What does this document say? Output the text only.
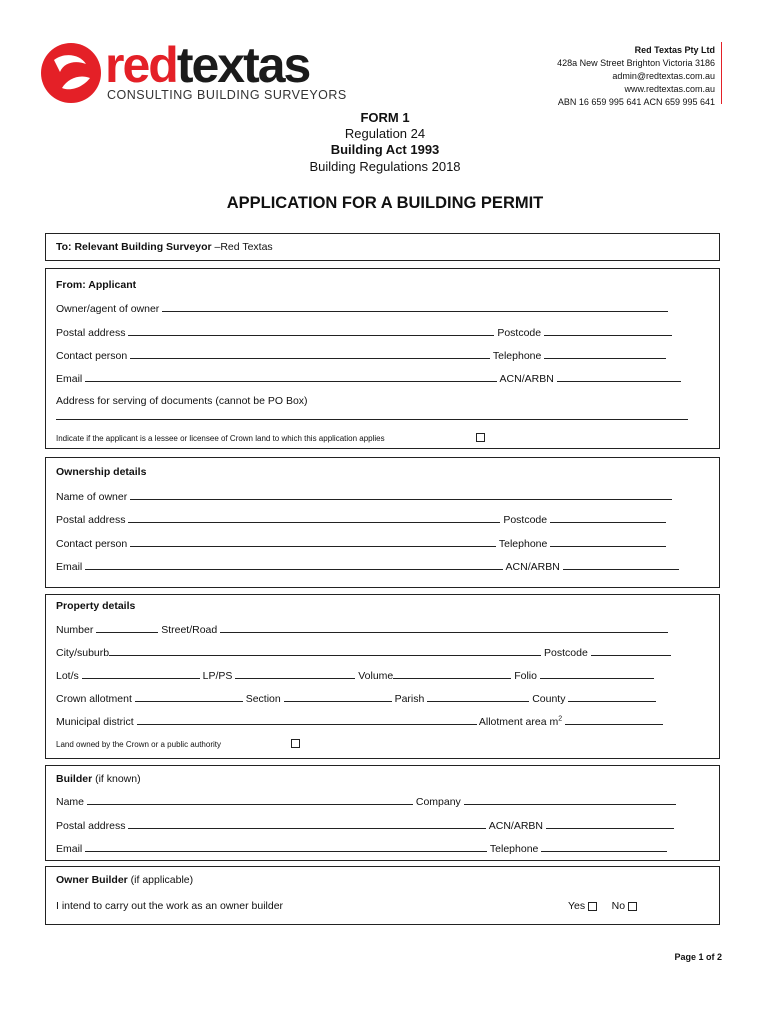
redtextas
CONSULTING BUILDING SURVEYORS
Red Textas Pty Ltd
428a New Street Brighton Victoria 3186
admin@redtextas.com.au
www.redtextas.com.au
ABN 16 659 995 641 ACN 659 995 641
FORM 1
Regulation 24
Building Act 1993
Building Regulations 2018
APPLICATION FOR A BUILDING PERMIT
To: Relevant Building Surveyor –Red Textas
From: Applicant
Owner/agent of owner
Postal address	Postcode
Contact person	Telephone
Email	ACN/ARBN
Address for serving of documents (cannot be PO Box)
Indicate if the applicant is a lessee or licensee of Crown land to which this application applies
Ownership details
Name of owner
Postal address	Postcode
Contact person	Telephone
Email	ACN/ARBN
Property details
Number	Street/Road
City/suburb	Postcode
Lot/s	LP/PS	Volume	Folio
Crown allotment	Section	Parish	County
Municipal district	Allotment area $m^2$
Land owned by the Crown or a public authority
Builder (if known)
Name	Company
Postal address	ACN/ARBN
Email	Telephone
Owner Builder (if applicable)
I intend to carry out the work as an owner builder	Yes	No
Page 1 of 2
